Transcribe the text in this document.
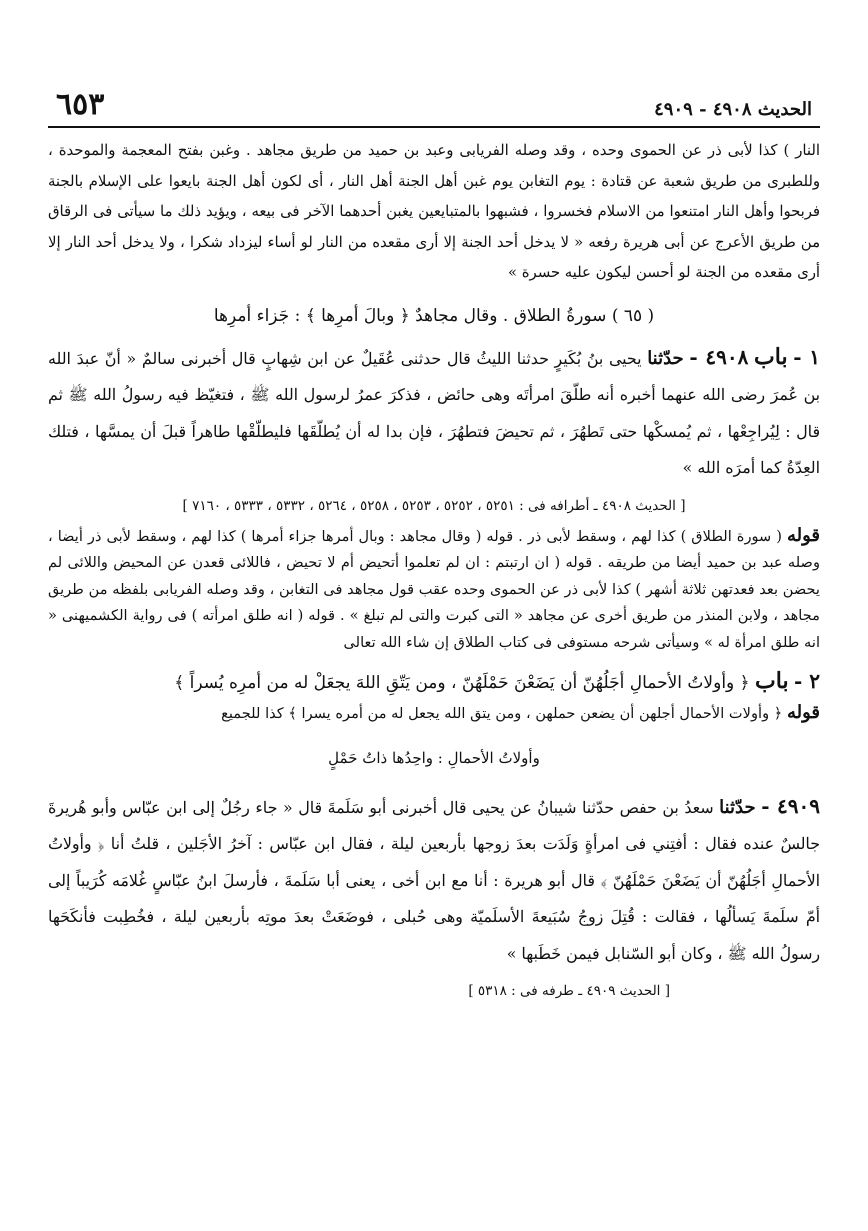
٦٥٣	الحديث ٤٩٠٨ - ٤٩٠٩

النار ) كذا لأبى ذر عن الحموى وحده ، وقد وصله الفريابى وعبد بن حميد من طريق مجاهد . وغبن بفتح المعجمة والموحدة ، وللطبرى من طريق شعبة عن قتادة : يوم التغابن يوم غبن أهل الجنة أهل النار ، أى لكون أهل الجنة بايعوا على الإسلام بالجنة فربحوا وأهل النار امتنعوا من الاسلام فخسروا ، فشبهوا بالمتبايعين يغبن أحدهما الآخر فى بيعه ، ويؤيد ذلك ما سيأتى فى الرقاق من طريق الأعرج عن أبى هريرة رفعه « لا يدخل أحد الجنة إلا أرى مقعده من النار لو أساء ليزداد شكرا ، ولا يدخل أحد النار إلا أرى مقعده من الجنة لو أحسن ليكون عليه حسرة »

( ٦٥ ) سورةُ الطلاق . وقال مجاهدٌ ﴿ وبالَ أمرِها ﴾ : جَزاء أمرِها

١ - باب ٤٩٠٨ - حدّثنا يحيى بنُ بُكَيرٍ حدثنا الليثُ قال حدثنى عُقَيلٌ عن ابن شِهابٍ قال أخبرنى سالمٌ « أنّ عبدَ الله بن عُمرَ رضى الله عنهما أخبره أنه طلّقَ امرأتَه وهى حائض ، فذكرَ عمرُ لرسول الله ﷺ ، فتغيّظ فيه رسولُ الله ﷺ ثم قال : لِيُراجِعْها ، ثم يُمسكْها حتى تَطهُرَ ، ثم تحيضَ فتطهُرَ ، فإن بدا له أن يُطلّقَها فليطلّقْها طاهراً قبلَ أن يمسَّها ، فتلك العِدّةُ كما أمرَه الله »

[ الحديث ٤٩٠٨ ـ أطرافه فى : ٥٢٥١ ، ٥٢٥٢ ، ٥٢٥٣ ، ٥٢٥٨ ، ٥٢٦٤ ، ٥٣٣٢ ، ٥٣٣٣ ، ٧١٦٠ ]

قوله ( سورة الطلاق ) كذا لهم ، وسقط لأبى ذر . قوله ( وقال مجاهد : وبال أمرها جزاء أمرها ) كذا لهم ، وسقط لأبى ذر أيضا ، وصله عبد بن حميد أيضا من طريقه . قوله ( ان ارتبتم : ان لم تعلموا أتحيض أم لا تحيض ، فاللائى قعدن عن المحيض واللائى لم يحضن بعد فعدتهن ثلاثة أشهر ) كذا لأبى ذر عن الحموى وحده عقب قول مجاهد فى التغابن ، وقد وصله الفريابى بلفظه من طريق مجاهد ، ولابن المنذر من طريق أخرى عن مجاهد « التى كبرت والتى لم تبلغ » . قوله ( انه طلق امرأته ) فى رواية الكشميهنى « انه طلق امرأة له » وسيأتى شرحه مستوفى فى كتاب الطلاق إن شاء الله تعالى

٢ - باب ﴿ وأولاتُ الأحمالِ أجَلُهُنّ أن يَضَعْنَ حَمْلَهُنّ ، ومن يَتّقِ اللهَ يجعَلْ له من أمرِه يُسراً ﴾

قوله ﴿ وأولات الأحمال أجلهن أن يضعن حملهن ، ومن يتق الله يجعل له من أمره يسرا ﴾ كذا للجميع

وأولاتُ الأحمالِ : واحِدُها ذاتُ حَمْلٍ

٤٩٠٩ - حدّثنا سعدُ بن حفص حدّثنا شيبانُ عن يحيى قال أخبرنى أبو سَلَمةَ قال « جاء رجُلٌ إلى ابن عبّاس وأبو هُريرةَ جالسٌ عنده فقال : أفتِني فى امرأةٍ وَلَدَت بعدَ زوجها بأربعين ليلة ، فقال ابن عبّاس : آخرُ الأجَلين ، قلتُ أنا ﴿ وأولاتُ الأحمالِ أجَلُهُنّ أن يَضَعْنَ حَمْلَهُنّ ﴾ قال أبو هريرة : أنا مع ابن أخى ، يعنى أبا سَلَمةَ ، فأرسلَ ابنُ عبّاسٍ غُلامَه كُرَيباً إلى أمّ سلَمةَ يَسألُها ، فقالت : قُتِلَ زوجُ سُبَيعةَ الأسلَميّة وهى حُبلى ، فوضَعَتْ بعدَ موتِه بأربعين ليلة ، فخُطِبت فأنكَحَها رسولُ الله ﷺ ، وكان أبو السّنابل فيمن خَطَبها »

[ الحديث ٤٩٠٩ ـ طرفه فى : ٥٣١٨ ]
